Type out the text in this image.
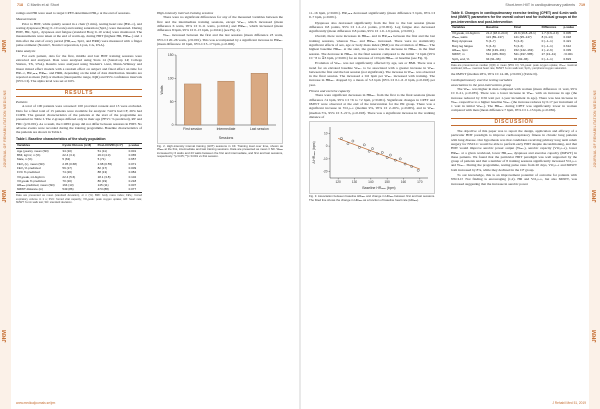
JRM
JOURNAL OF REHABILITATION MEDICINE
JRM
JRM
718 C Martin et al: Short

ratings and HR were used to target CPET-determined HR₀ₚ at the end of sessions.

Measurements

Prior to HIIT, while quietly seated in a chair (5 min), resting heart rate (HRᵣₑₛₜ), and resting dyspnoea (Borg; 0–10 scale) and resting saturation (SpO₂) were measured. During HIIT, HR, SpO₂, dyspnoea and fatigue (standard Borg 0–10 scale) were monitored. The measurements were taken at the end of warm-up, during HIIT (highest HR, HRₘₐₓ) and 1 min after the end of every period (HR₁ₘᵢₙ, SpO₂ and HRR) were measured with a finger pulse oximeter (Nonin®, Nonin Corporation, Lyon, CA, USA).

Data analysis

For each patient, data for the first, middle and last HIIT training sessions were extracted and analysed. Data were analysed using Stata 14 (StataCorp LP, College Station, TX, USA). Results were analysed using Student's t-test, Mann–Whitney and linear mixed effect models with a random effect on subject and fixed effect on time for HRᵣₑₛₜ, HR₁ₘᵢₙ, HRₘₐₓ and HRR, depending on the kind of data distribution. Results are reported as mean (SD) or median (interquartile range, IQR) and 95% confidence intervals (95% CI). The alpha level was set at 0.05.

RESULTS
Patients

A total of 100 patients were screened: 100 provided consent and 13 were excluded. Data for a final total of 15 patients were available for analysis: 74.0% had CF, 26% had COPD. The general characteristics of the patients at the start of the programme are presented in Table I. The 2-groups differed only in their age (FEV1 % predicted), RV and FRC (p<0.001). As a result, the COPD group did not differ between sessions in HIIT. No adverse events were recorded during the training programme. Baseline characteristics of the patients are shown in Table I.

Table I. Baseline characteristics of the study population
Variables	Cystic fibrosis (n=8)	Post-COVID (n=7)	p-value
Age (years), mean (SD)	34 (10)	51 (11)	0.001
BMI, kg/m², n (%)	22.4 (3.1)	26.0 (4.0)	0.065
Male, n (%)	5 (63)	5 (71)	0.657
FEV₁ (L), mean (SD)	2.05 (0.68)	2.68 (0.55)	0.071
FEV₁ % predicted	59 (17)	82 (17)	0.009
FVC % predicted	74 (20)	88 (13)	0.084
VO₂peak, mL/kg/min	22.4 (5.6)	18.1 (3.8)	0.102
VO₂peak % predicted	70 (20)	80 (19)	0.218
HRₘₐₓ predicted, mean (SD)	164 (13)	145 (11)	0.007
6MWT distance (m)	549 (86)	473 (88)	0.077
Data are presented as mean (standard deviation), or n (%). BMI: body mass index; FEV₁: forced expiratory volume in 1 s; FVC: forced vital capacity; VO₂peak: peak oxygen uptake; HR: heart rate; 6MWT: 6-min walk test; SD: standard deviation.
High-intensity interval training sessions

There were no significant differences for any of the measured variables between the first and the intermediate training sessions, except Wₘₐₓ, which increased (mean difference 6 watts, 95% CI 0–11 watts, p=0.041) and HRₘₐₓ, which increased (mean difference 8 bpm, 95% CI 0–15 bpm, p=0.041) (see Fig. 2).

Wₘₐₓ increased between the first and the last sessions (mean difference 23 watts, 95% CI 20–26 watts, p<0.001). This was accompanied by a significant increase in HRₘₐₓ (mean difference 10 bpm, 95% CI 3–17 bpm, p=0.006).

0
50
100
150
First session	Intermediate	Last session
Watts
Sessions
Fig. 2. High-intensity interval training (HIIT) sessions in CF. Training load over time, shown as Wₘₐₓ at the first, intermediate and last training sessions. Data are presented as mean ± SD. Wₘₐₓ increased by 6 watts and 23 watts between the first and intermediate, and first and last sessions, respectively. *p<0.05; **p<0.001 vs first session.
www.medicaljournals.se/jrm
JRM
JOURNAL OF REHABILITATION MEDICINE
JRM
JRM
Short-term HIIT in cardiopulmonary patients 719

11–16 bpm, p<0.001). HR₁ₘᵢₙ decreased significantly (mean difference 5 bpm, 95% CI 0–7 bpm, p=0.001).

Dyspnoea also decreased significantly from the first to the last session (mean difference 0.8 points, 95% CI 1.2–2.1 points, p<0.001). Leg fatigue also decreased significantly (mean difference 0.8 points, 95% CI 1.0–1.9 points, p<0.001).

Overall, there were increases in HRₘₐₓ and in HR₁ₘᵢₙ between the first and the last training sessions, whereas Wₘₐₓ and HRₘₐₓ increased. There were no statistically significant effects of sex, age or body mass index (BMI) on the evolution of HRₘₐₓ. The highest baseline HRₘₐₓ at the start, the greater was the decrease in HRₘₐₓ in the final session. The decrease in HRₘₐₓ in the final session compared to the initial −2 bpm (95% CI −8 to ∓3 bpm, p<0.001) for an increase of 10 bpm HRₘₐₓ at baseline (see Fig. 3).

Evolution of Wₘₐₓ was not significantly affected by age, sex or BMI. There was a trend for an elevated baseline Wₘₐₓ to be associated with a greater increase in Wₘₐₓ between the first and the last session (not significant). The increase in Wₘₐₓ was observed in the final session. The increased a 0.6 bpm per Wₘₐₓ increased with training. The increase in HRₘₐₓ dropped by a mean of 5.3 bpm (95% CI 0.1–6 .0 bpm, p=0.018) per year.

Fitness and exercise capacity

There were significant decreases in HRₘₐₓ from the first to the final sessions (mean difference ≠4 bpm, 95% CI ≡6 to ≡2 bpm, p<0.001). Significant changes in CPET and 6MWT were observed at the end of the intervention for the PR group. There was a significant increase in VO₂ₚₑₐₖ (median 9%, 95% CI 2–26%, p=0.005), and in Wₘₐₓ (median 5%, 95% CI 3–21%, p=0.018). There was a significant increase in the walking distance of

120	130	140	150	160	170
10
0
-10
-20
Δ HRₘₐₓ (bpm)
Baseline HRₘₐₓ (bpm)
Fig. 3. Association between baseline HRₘₐₓ and change in HRₘₐₓ between first and last sessions. The fitted line shows the change in HRₘₐₓ as a function of baseline heart rate (HRₘₐₓ).
Table II. Changes in cardiopulmonary exercise testing (CPET) and 6-min walk test (6MWT) parameters for the overall cohort and for individual groups at the pre-intervention and post-intervention
Variables	Baseline	Final	Difference	p-value
VO₂peak, mL/kg/min	21.2 (18.3–24.0)	22.9 (19.8–26.1)	1.7 (0.6–2.9)	0.005
Wₘₐₓ, watts	113 (89–137)	121 (95–147)	8 (3–13)	0.018
Borg dyspnoea	5 (4–7)	5 (4–6)	0 (−1–1)	0.421
Borg leg fatigue	5 (4–6)	5 (4–6)	0 (−1–1)	0.612
HRₘₐₓ, bpm	150 (139–161)	152 (142–163)	2 (−2–6)	0.339
6MWT, m	514 (465–563)	541 (497–585)	27 (13–41)	<0.001
SpO₂ end, %	94 (91–96)	94 (92–96)	0 (−1–1)	0.823
Data are presented as median (IQR) or mean (95% CI). VO₂peak: peak oxygen uptake; Wₘₐₓ: maximal workload; HRₘₐₓ: maximal heart rate; 6MWT: 6-min walk test; SpO₂: peripheral oxygen saturation.

the 6MWT (median 28%, 95% CI 14–96, p<0.001) (Table II).

Cardiopulmonary exercise testing variables
associations in the post-intervention group

The Wₘₐₓ was higher in men compared with women (mean difference 11 watt, 95% CI 0–21, p=0.035). There was a lower increase in Wₘₐₓ with an increase in age (the increase reduced by 0.56 watt per 1-year increment in age). There was less increase in Wₘₐₓ respective to a higher baseline Wₘₐₓ (the increase reduces by 0.17 per increment of 1 watt in initial Wₘₐₓ). The HRₘₐₓ during CPET was significantly lower in women compared with men (mean difference 7 bpm, 95% CI 1–15 bpm, p=0.036).

DISCUSSION

The objective of this paper was to report the design, application and efficacy of a particular HIIT paradigm to improve cardiorespiratory fitness in chronic lung patients with lung disease. Our hypothesis was that candidates receiving primary long term rehab surgery for NSCLC would be able to perform early HIIT despite deconditioning, and that HIIT would improve aerobic power output (Wₘₐₓ), aerobic capacity (VO₂ₚₑₐₖ), lower HRₘₐₓ at a given workload, lower HR₁ₘᵢₙ, dyspnoea and exercise capacity (6MWT) in these patients. We found that the particular HIIT paradigm was well supported by the group of patients and that a number of 8 training sessions significantly increased VO₂ₚₑₐₖ and Wₘₐₓ. During the programme, resting pulse rates from 20 days, VO₂ₚₑₐₖ and 6MWT both increased by 8%, while they declined in the CF group.

To our knowledge, this is an improvement potential of outcome for patients with NSCLC! Not finding is encouraging (1,2). HR and VO₂ₚₑₐₖ, but also 6MWT, was increased suggesting that the increase in aerobic power

J Rehabil Med 51, 2019
